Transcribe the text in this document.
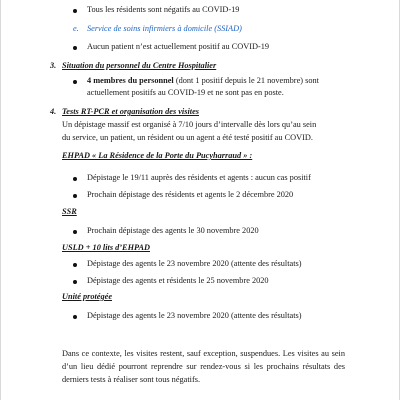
Tous les résidents sont négatifs au COVID-19
e. Service de soins infirmiers à domicile (SSIAD)
Aucun patient n’est actuellement positif au COVID-19
3. Situation du personnel du Centre Hospitalier
4 membres du personnel (dont 1 positif depuis le 21 novembre) sont
actuellement positifs au COVID-19 et ne sont pas en poste.
4. Tests RT-PCR et organisation des visites
Un dépistage massif est organisé à 7/10 jours d’intervalle dès lors qu’au sein
du service, un patient, un résident ou un agent a été testé positif au COVID.
EHPAD « La Résidence de la Porte du Pucyharraud » :
Dépistage le 19/11 auprès des résidents et agents : aucun cas positif
Prochain dépistage des résidents et agents le 2 décembre 2020
SSR
Prochain dépistage des agents le 30 novembre 2020
USLD + 10 lits d’EHPAD
Dépistage des agents le 23 novembre 2020 (attente des résultats)
Dépistage des agents et résidents le 25 novembre 2020
Unité protégée
Dépistage des agents le 23 novembre 2020 (attente des résultats)
Dans ce contexte, les visites restent, sauf exception, suspendues. Les visites au sein d’un lieu dédié pourront reprendre sur rendez-vous si les prochains résultats des derniers tests à réaliser sont tous négatifs.
